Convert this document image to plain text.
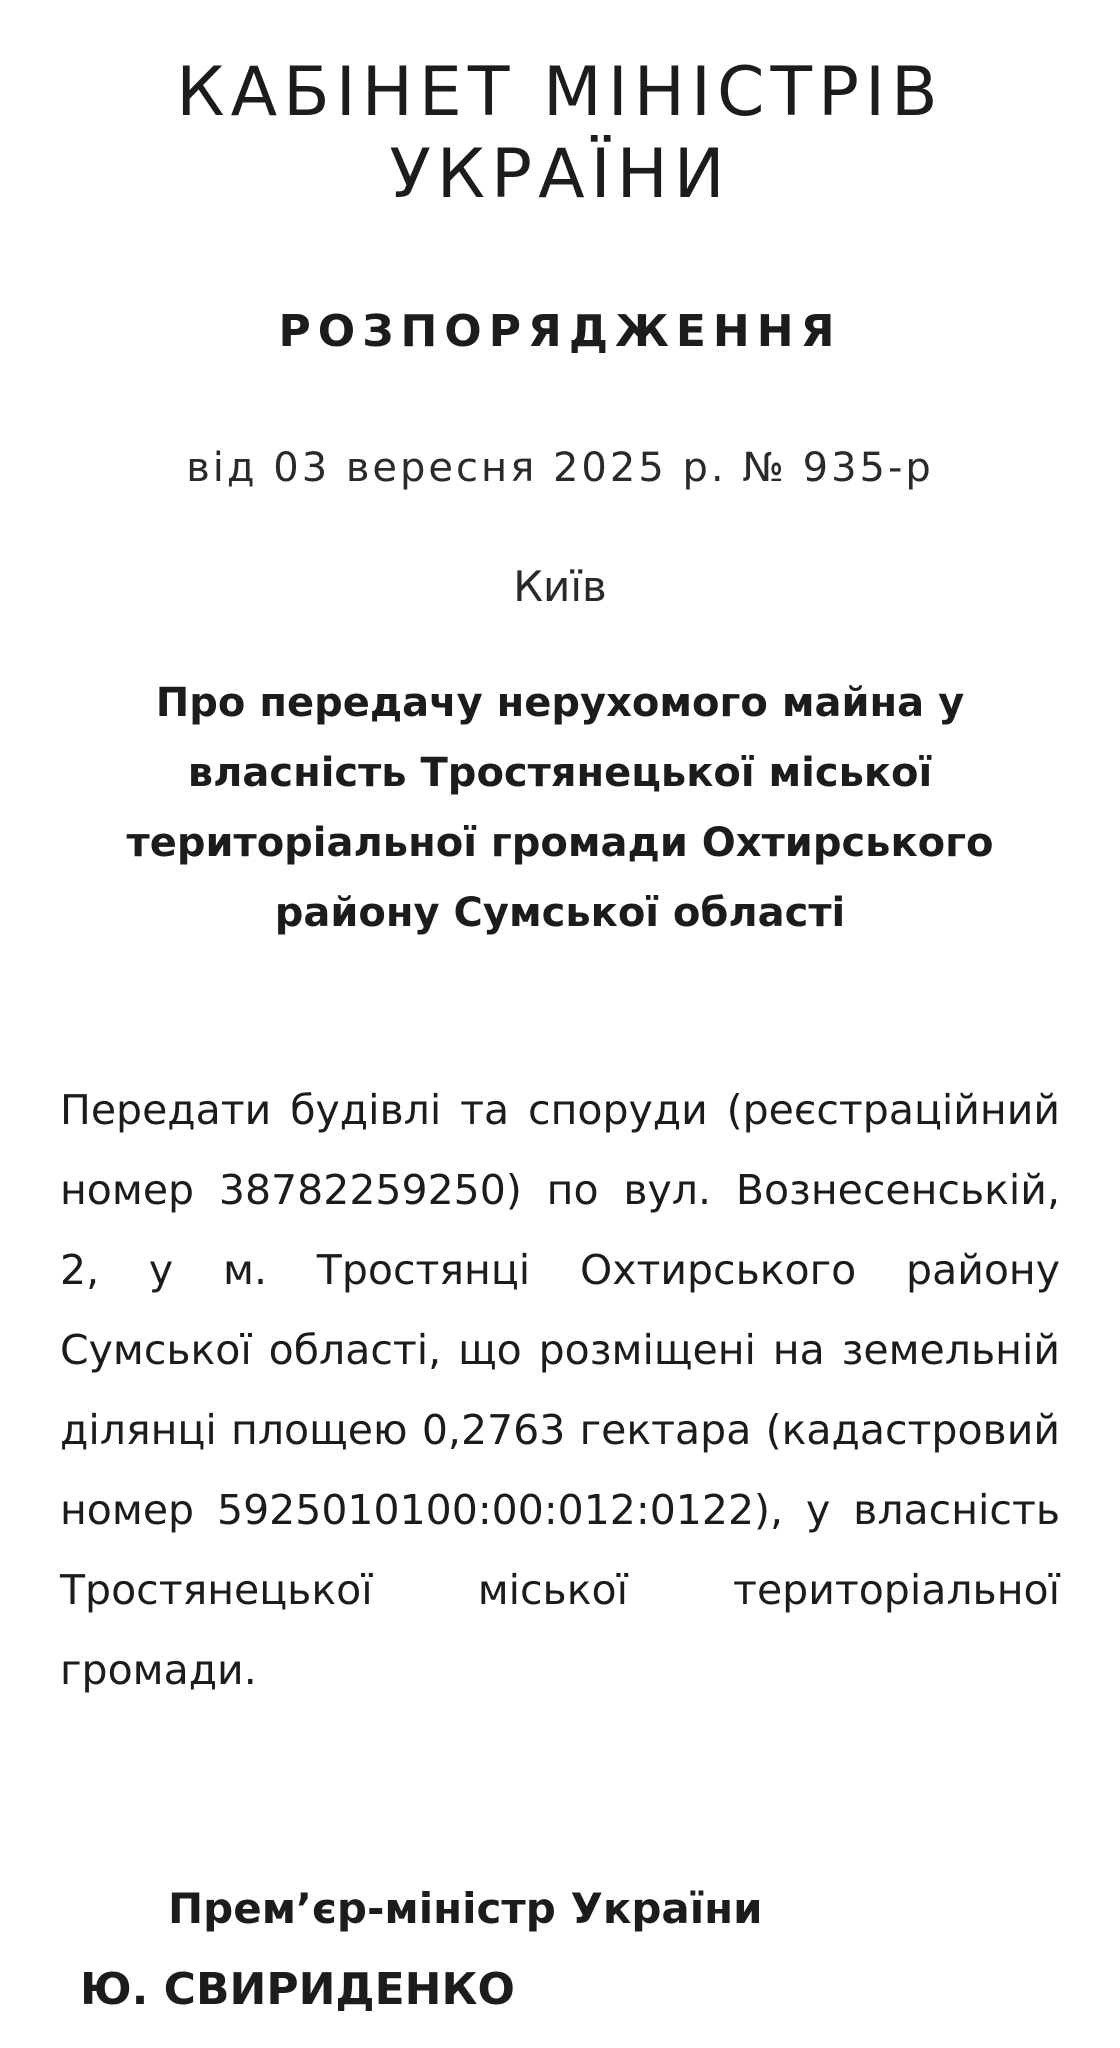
КАБІНЕТ МІНІСТРІВ
УКРАЇНИ
РОЗПОРЯДЖЕННЯ

від 03 вересня 2025 р. № 935-р

Київ

Про передачу нерухомого майна у
власність Тростянецької міської
територіальної громади Охтирського
району Сумської області

Передати будівлі та споруди (реєстраційний номер 38782259250) по вул. Вознесенській, 2, у м. Тростянці Охтирського району Сумської області, що розміщені на земельній ділянці площею 0,2763 гектара (кадастровий номер 5925010100:00:012:0122), у власність Тростянецької міської територіальної громади.

Прем’єр-міністр України

Ю. СВИРИДЕНКО
